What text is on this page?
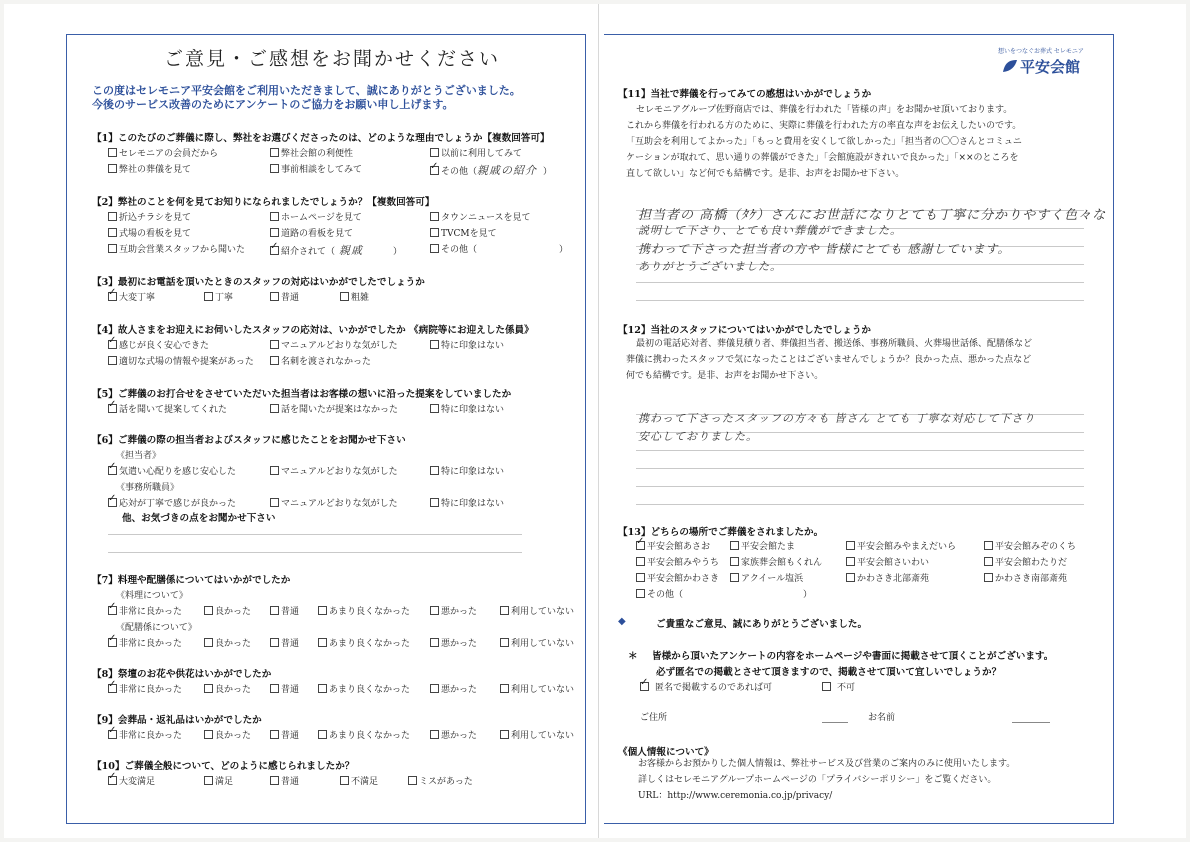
ご意見・ご感想をお聞かせください
この度はセレモニア平安会館をご利用いただきまして、誠にありがとうございました。
今後のサービス改善のためにアンケートのご協力をお願い申し上げます。
【1】このたびのご葬儀に際し、弊社をお選びくださったのは、どのような理由でしょうか【複数回答可】
セレモニアの会員だから	弊社会館の利便性	以前に利用してみて
弊社の葬儀を見て	事前相談をしてみて ✓	その他（親戚の紹介 ）
【2】弊社のことを何を見てお知りになられましたでしょうか？【複数回答可】
折込チラシを見て	ホームページを見て	タウンニュースを見て
式場の看板を見て	道路の看板を見て	TVCMを見て
互助会営業スタッフから聞いた ✓	紹介されて（ 親戚	）	その他（	）
【3】最初にお電話を頂いたときのスタッフの対応はいかがでしたでしょうか
✓大変丁寧	丁寧	普通	粗雑
【4】故人さまをお迎えにお伺いしたスタッフの応対は、いかがでしたか 《病院等にお迎えした係員》
✓感じが良く安心できた	マニュアルどおりな気がした	特に印象はない
適切な式場の情報や提案があった	名刺を渡されなかった
【5】ご葬儀のお打合せをさせていただいた担当者はお客様の想いに沿った提案をしていましたか
✓話を聞いて提案してくれた	話を聞いたが提案はなかった	特に印象はない
【6】ご葬儀の際の担当者およびスタッフに感じたことをお聞かせ下さい
《担当者》
✓気遣い心配りを感じ安心した	マニュアルどおりな気がした	特に印象はない
《事務所職員》
✓応対が丁寧で感じが良かった	マニュアルどおりな気がした	特に印象はない
他、お気づきの点をお聞かせ下さい
【7】料理や配膳係についてはいかがでしたか
《料理について》
✓非常に良かった	良かった	普通	あまり良くなかった	悪かった	利用していない
《配膳係について》
✓非常に良かった	良かった	普通	あまり良くなかった	悪かった	利用していない
【8】祭壇のお花や供花はいかがでしたか
✓非常に良かった	良かった	普通	あまり良くなかった	悪かった	利用していない
【9】会葬品・返礼品はいかがでしたか
✓非常に良かった	良かった	普通	あまり良くなかった	悪かった	利用していない
【10】ご葬儀全般について、どのように感じられましたか？
✓大変満足	満足	普通	不満足	ミスがあった
想いをつなぐお葬式 セレモニア
平安会館
【11】当社で葬儀を行ってみての感想はいかがでしょうか
セレモニアグループ佐野商店では、葬儀を行われた「皆様の声」をお聞かせ頂いております。
これから葬儀を行われる方のために、実際に葬儀を行われた方の率直な声をお伝えしたいのです。
「互助会を利用してよかった」「もっと費用を安くして欲しかった」「担当者の〇〇さんとコミュニ
ケーションが取れて、思い通りの葬儀ができた」「会館施設がきれいで良かった」「××のところを
直して欲しい」など何でも結構です。是非、お声をお聞かせ下さい。
担当者の 高橋（ﾀｹ）さんにお世話になりとても丁寧に分かりやすく色々な
説明して下さり、とても良い葬儀ができました。
携わって下さった担当者の方や 皆様にとても 感謝しています。
ありがとうございました。
【12】当社のスタッフについてはいかがでしたでしょうか
最初の電話応対者、葬儀見積り者、葬儀担当者、搬送係、事務所職員、火葬場世話係、配膳係など
葬儀に携わったスタッフで気になったことはございませんでしょうか？良かった点、悪かった点など
何でも結構です。是非、お声をお聞かせ下さい。
携わって下さったスタッフの方々も 皆さん とても 丁寧な対応して下さり
安心しておりました。
【13】どちらの場所でご葬儀をされましたか。
✓平安会館あさお	平安会館たま	平安会館みやまえだいら	平安会館みぞのくち
平安会館みやうち	家族葬会館もくれん	平安会館さいわい	平安会館わたりだ
平安会館かわさき	アクイール塩浜	かわさき北部斎苑	かわさき南部斎苑
その他（	）
◆	ご貴重なご意見、誠にありがとうございました。
＊ 皆様から頂いたアンケートの内容をホームページや書面に掲載させて頂くことがございます。
必ず匿名での掲載とさせて頂きますので、掲載させて頂いて宜しいでしょうか？
✓匿名で掲載するのであれば可	不可
ご住所	お名前
《個人情報について》
お客様からお預かりした個人情報は、弊社サービス及び営業のご案内のみに使用いたします。
詳しくはセレモニアグループホームページの「プライバシーポリシー」をご覧ください。
URL：http://www.ceremonia.co.jp/privacy/
